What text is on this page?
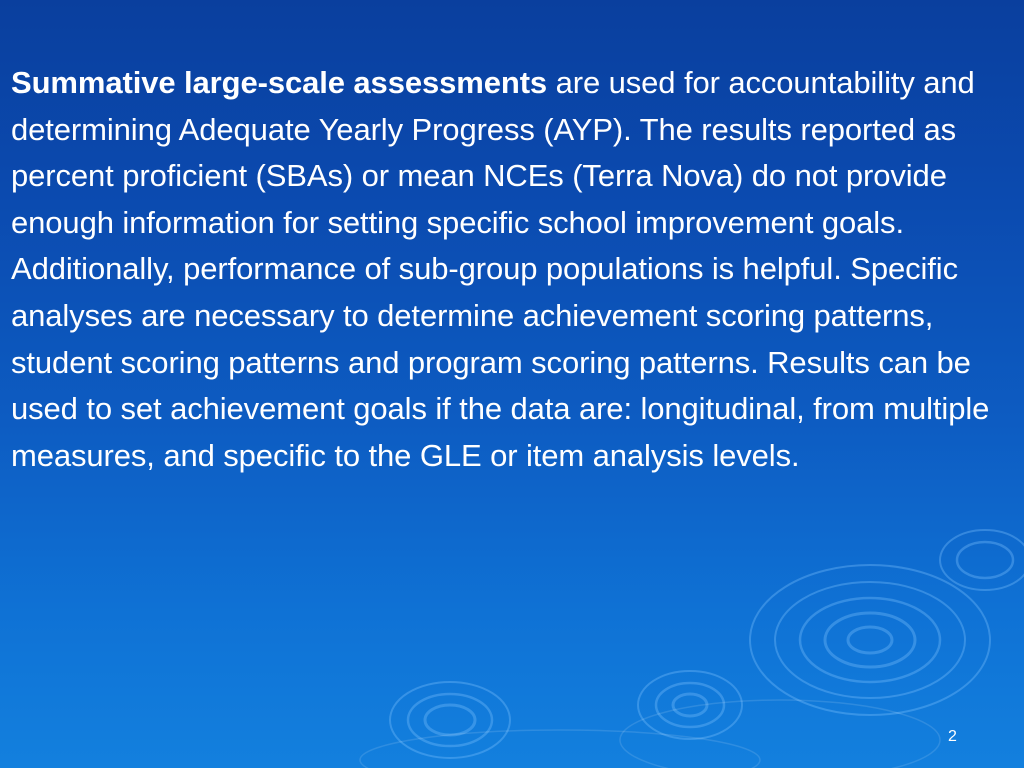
Summative large-scale assessments are used for accountability and determining Adequate Yearly Progress (AYP). The results reported as percent proficient (SBAs) or mean NCEs (Terra Nova) do not provide enough information for setting specific school improvement goals. Additionally, performance of sub-group populations is helpful. Specific analyses are necessary to determine achievement scoring patterns, student scoring patterns and program scoring patterns. Results can be used to set achievement goals if the data are: longitudinal, from multiple measures, and specific to the GLE or item analysis levels.

2
